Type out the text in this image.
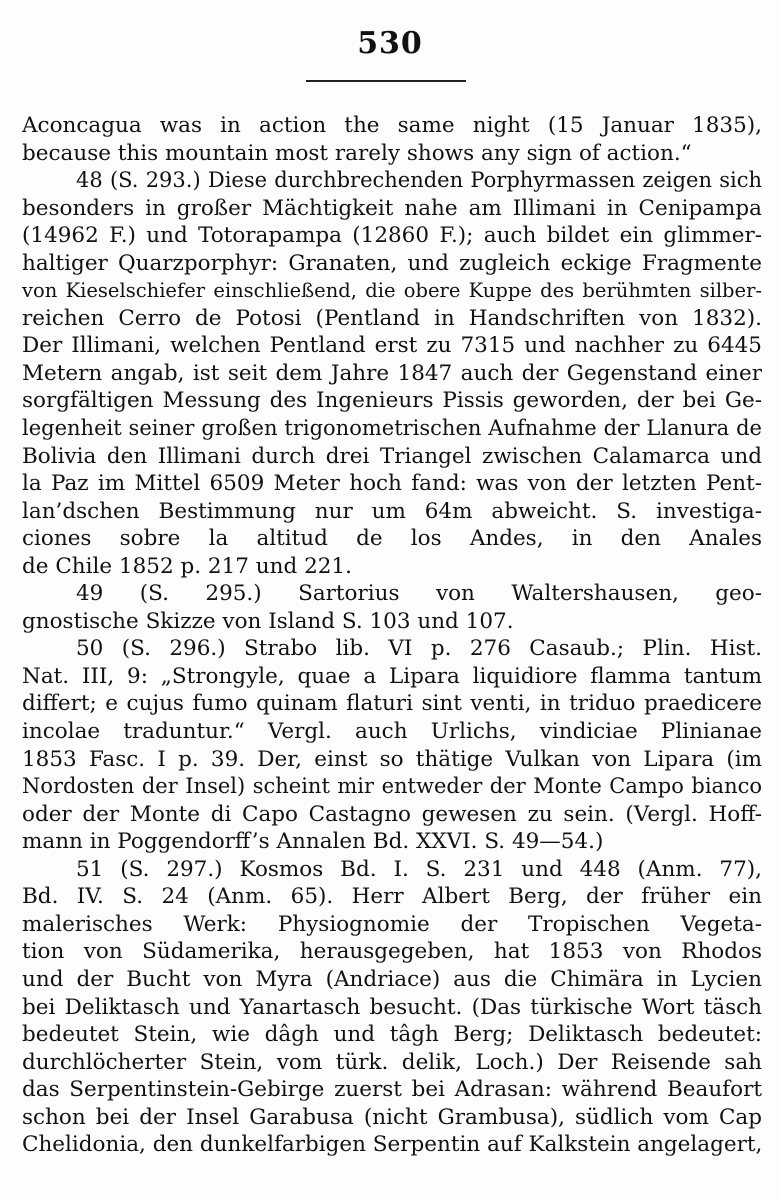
530
Aconcagua was in action the same night (15 Januar 1835),
because this mountain most rarely shows any sign of action.“
48 (S. 293.) Diese durchbrechenden Porphyrmassen zeigen sich
besonders in großer Mächtigkeit nahe am Illimani in Cenipampa
(14962 F.) und Totorapampa (12860 F.); auch bildet ein glimmer-
haltiger Quarzporphyr: Granaten, und zugleich eckige Fragmente
von Kieselschiefer einschließend, die obere Kuppe des berühmten silber-
reichen Cerro de Potosi (Pentland in Handschriften von 1832).
Der Illimani, welchen Pentland erst zu 7315 und nachher zu 6445
Metern angab, ist seit dem Jahre 1847 auch der Gegenstand einer
sorgfältigen Messung des Ingenieurs Pissis geworden, der bei Ge-
legenheit seiner großen trigonometrischen Aufnahme der Llanura de
Bolivia den Illimani durch drei Triangel zwischen Calamarca und
la Paz im Mittel 6509 Meter hoch fand: was von der letzten Pent-
lan’dschen Bestimmung nur um 64m abweicht. S. investiga-
ciones sobre la altitud de los Andes, in den Anales
de Chile 1852 p. 217 und 221.
49 (S. 295.) Sartorius von Waltershausen, geo-
gnostische Skizze von Island S. 103 und 107.
50 (S. 296.) Strabo lib. VI p. 276 Casaub.; Plin. Hist.
Nat. III, 9: „Strongyle, quae a Lipara liquidiore flamma tantum
differt; e cujus fumo quinam flaturi sint venti, in triduo praedicere
incolae traduntur.“ Vergl. auch Urlichs, vindiciae Plinianae
1853 Fasc. I p. 39. Der, einst so thätige Vulkan von Lipara (im
Nordosten der Insel) scheint mir entweder der Monte Campo bianco
oder der Monte di Capo Castagno gewesen zu sein. (Vergl. Hoff-
mann in Poggendorff’s Annalen Bd. XXVI. S. 49—54.)
51 (S. 297.) Kosmos Bd. I. S. 231 und 448 (Anm. 77),
Bd. IV. S. 24 (Anm. 65). Herr Albert Berg, der früher ein
malerisches Werk: Physiognomie der Tropischen Vegeta-
tion von Südamerika, herausgegeben, hat 1853 von Rhodos
und der Bucht von Myra (Andriace) aus die Chimära in Lycien
bei Deliktasch und Yanartasch besucht. (Das türkische Wort täsch
bedeutet Stein, wie dâgh und tâgh Berg; Deliktasch bedeutet:
durchlöcherter Stein, vom türk. delik, Loch.) Der Reisende sah
das Serpentinstein-Gebirge zuerst bei Adrasan: während Beaufort
schon bei der Insel Garabusa (nicht Grambusa), südlich vom Cap
Chelidonia, den dunkelfarbigen Serpentin auf Kalkstein angelagert,
